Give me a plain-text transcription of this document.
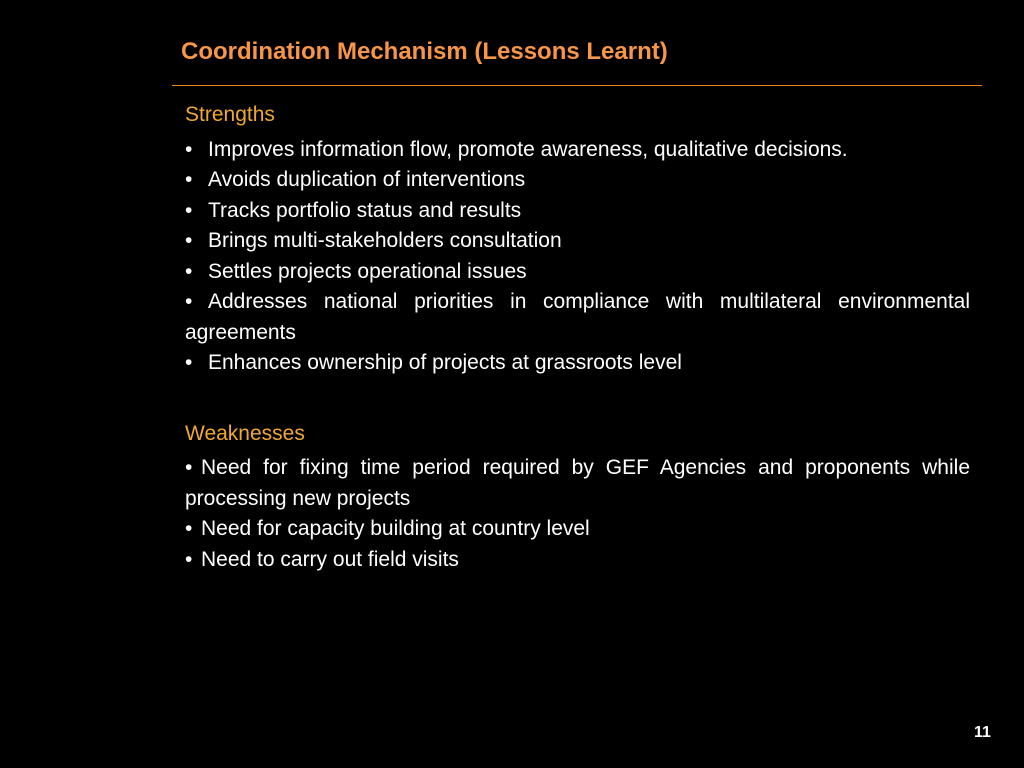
Coordination Mechanism (Lessons Learnt)
Strengths
• Improves information flow, promote awareness, qualitative decisions.
• Avoids duplication of interventions
• Tracks portfolio status and results
• Brings multi-stakeholders consultation
• Settles projects operational issues
• Addresses national priorities in compliance with multilateral environmental agreements
• Enhances ownership of projects at grassroots level
Weaknesses
• Need for fixing time period required by GEF Agencies and proponents while processing new projects
• Need for capacity building at country level
• Need to carry out field visits
11
